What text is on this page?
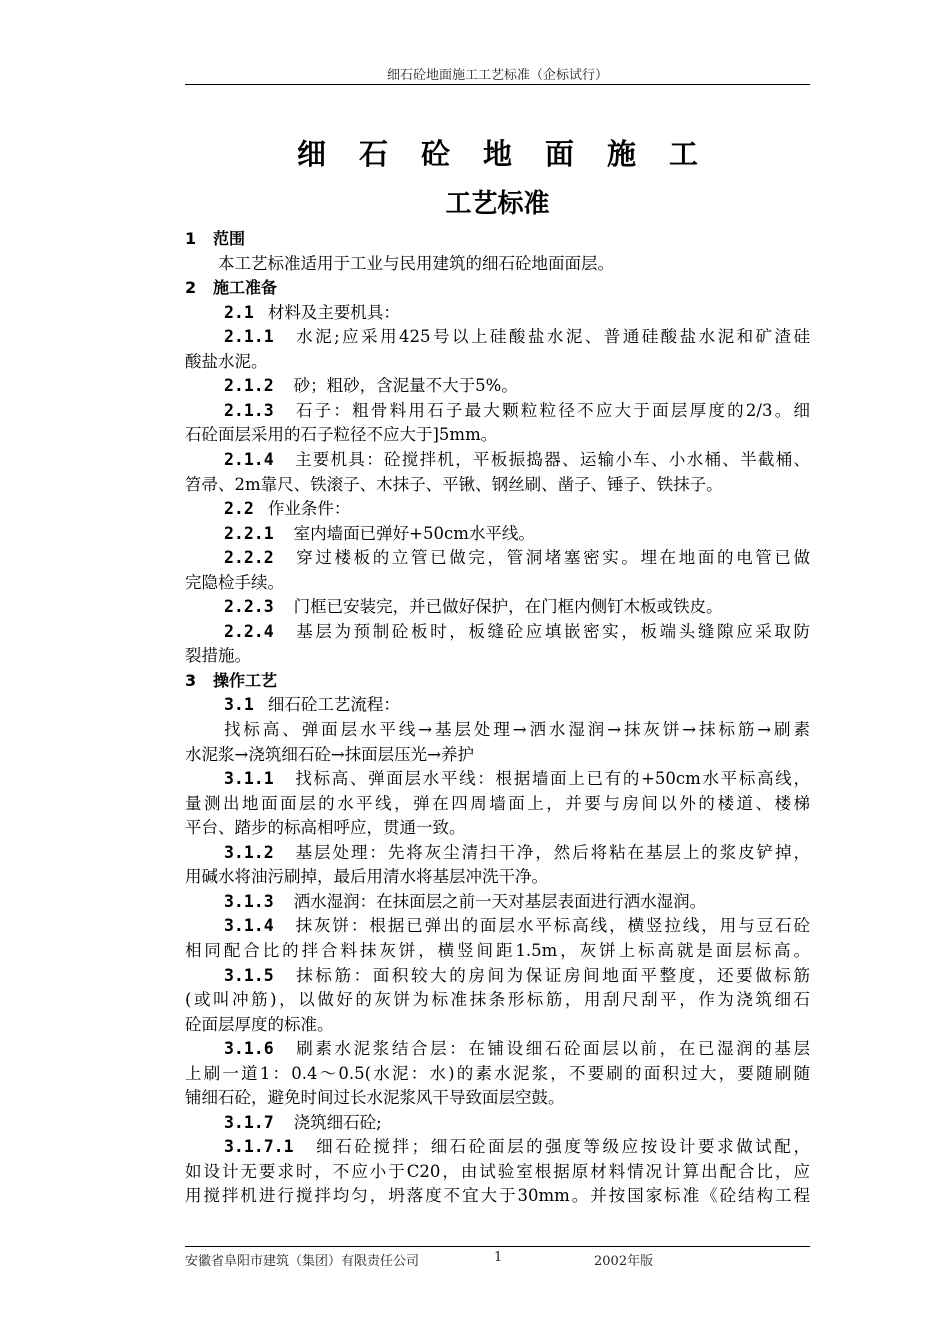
细石砼地面施工工艺标准（企标试行）
细石砼地面施工
工艺标准
1 范围
本工艺标准适用于工业与民用建筑的细石砼地面面层。
2 施工准备
2.1 材料及主要机具：
2.1.1 水泥;应采用425号以上硅酸盐水泥、普通硅酸盐水泥和矿渣硅
酸盐水泥。
2.1.2 砂；粗砂，含泥量不大于5%。
2.1.3 石子：粗骨料用石子最大颗粒粒径不应大于面层厚度的2/3。细
石砼面层采用的石子粒径不应大于]5mm。
2.1.4 主要机具：砼搅拌机，平板振捣器、运输小车、小水桶、半截桶、
笤帚、2m靠尺、铁滚子、木抹子、平锹、钢丝刷、凿子、锤子、铁抹子。
2.2 作业条件：
2.2.1 室内墙面已弹好+50cm水平线。
2.2.2 穿过楼板的立管已做完，管洞堵塞密实。埋在地面的电管已做
完隐检手续。
2.2.3 门框已安装完，并已做好保护，在门框内侧钉木板或铁皮。
2.2.4 基层为预制砼板时，板缝砼应填嵌密实，板端头缝隙应采取防
裂措施。
3 操作工艺
3.1 细石砼工艺流程：
找标高、弹面层水平线→基层处理→洒水湿润→抹灰饼→抹标筋→刷素
水泥浆→浇筑细石砼→抹面层压光→养护
3.1.1 找标高、弹面层水平线：根据墙面上已有的+50cm水平标高线，
量测出地面面层的水平线，弹在四周墙面上，并要与房间以外的楼道、楼梯
平台、踏步的标高相呼应，贯通一致。
3.1.2 基层处理：先将灰尘清扫干净，然后将粘在基层上的浆皮铲掉，
用碱水将油污刷掉，最后用清水将基层冲洗干净。
3.1.3 洒水湿润：在抹面层之前一天对基层表面进行洒水湿润。
3.1.4 抹灰饼：根据已弹出的面层水平标高线，横竖拉线，用与豆石砼
相同配合比的拌合料抹灰饼，横竖间距1.5m，灰饼上标高就是面层标高。
3.1.5 抹标筋：面积较大的房间为保证房间地面平整度，还要做标筋
(或叫冲筋)，以做好的灰饼为标准抹条形标筋，用刮尺刮平，作为浇筑细石
砼面层厚度的标准。
3.1.6 刷素水泥浆结合层：在铺设细石砼面层以前，在已湿润的基层
上刷一道1：0.4～0.5(水泥：水)的素水泥浆，不要刷的面积过大，要随刷随
铺细石砼，避免时间过长水泥浆风干导致面层空鼓。
3.1.7 浇筑细石砼;
3.1.7.1 细石砼搅拌；细石砼面层的强度等级应按设计要求做试配，
如设计无要求时，不应小于C20，由试验室根据原材料情况计算出配合比，应
用搅拌机进行搅拌均匀，坍落度不宜大于30mm。并按国家标准《砼结构工程
安徽省阜阳市建筑（集团）有限责任公司	1	2002年版
